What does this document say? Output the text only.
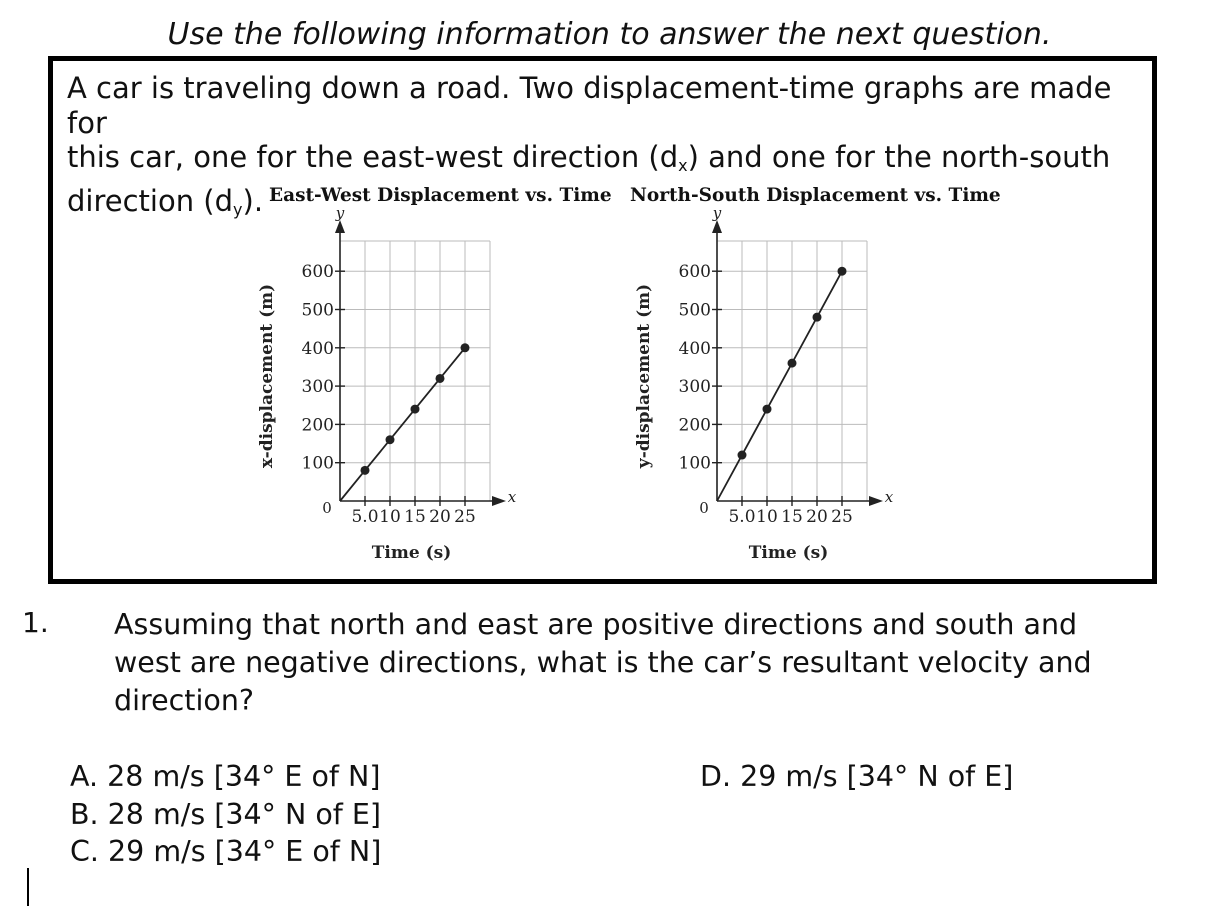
Use the following information to answer the next question.
A car is traveling down a road. Two displacement-time graphs are made for
this car, one for the east-west direction $(d_x)$ and one for the north-south
direction $(d_y)$. East-West Displacement vs. Time North-South Displacement vs. Time
y
x
0
100
200
300
400
500
600
5.0 10 15 20 25
Time (s)
x-displacement (m)
y
x
0
100
200
300
400
500
600
5.0 10 15 20 25
Time (s)
y-displacement (m)
1. Assuming that north and east are positive directions and south and
west are negative directions, what is the car’s resultant velocity and
direction?
A. 28 m/s [34° E of N]
B. 28 m/s [34° N of E]
C. 29 m/s [34° E of N]
D. 29 m/s [34° N of E]
